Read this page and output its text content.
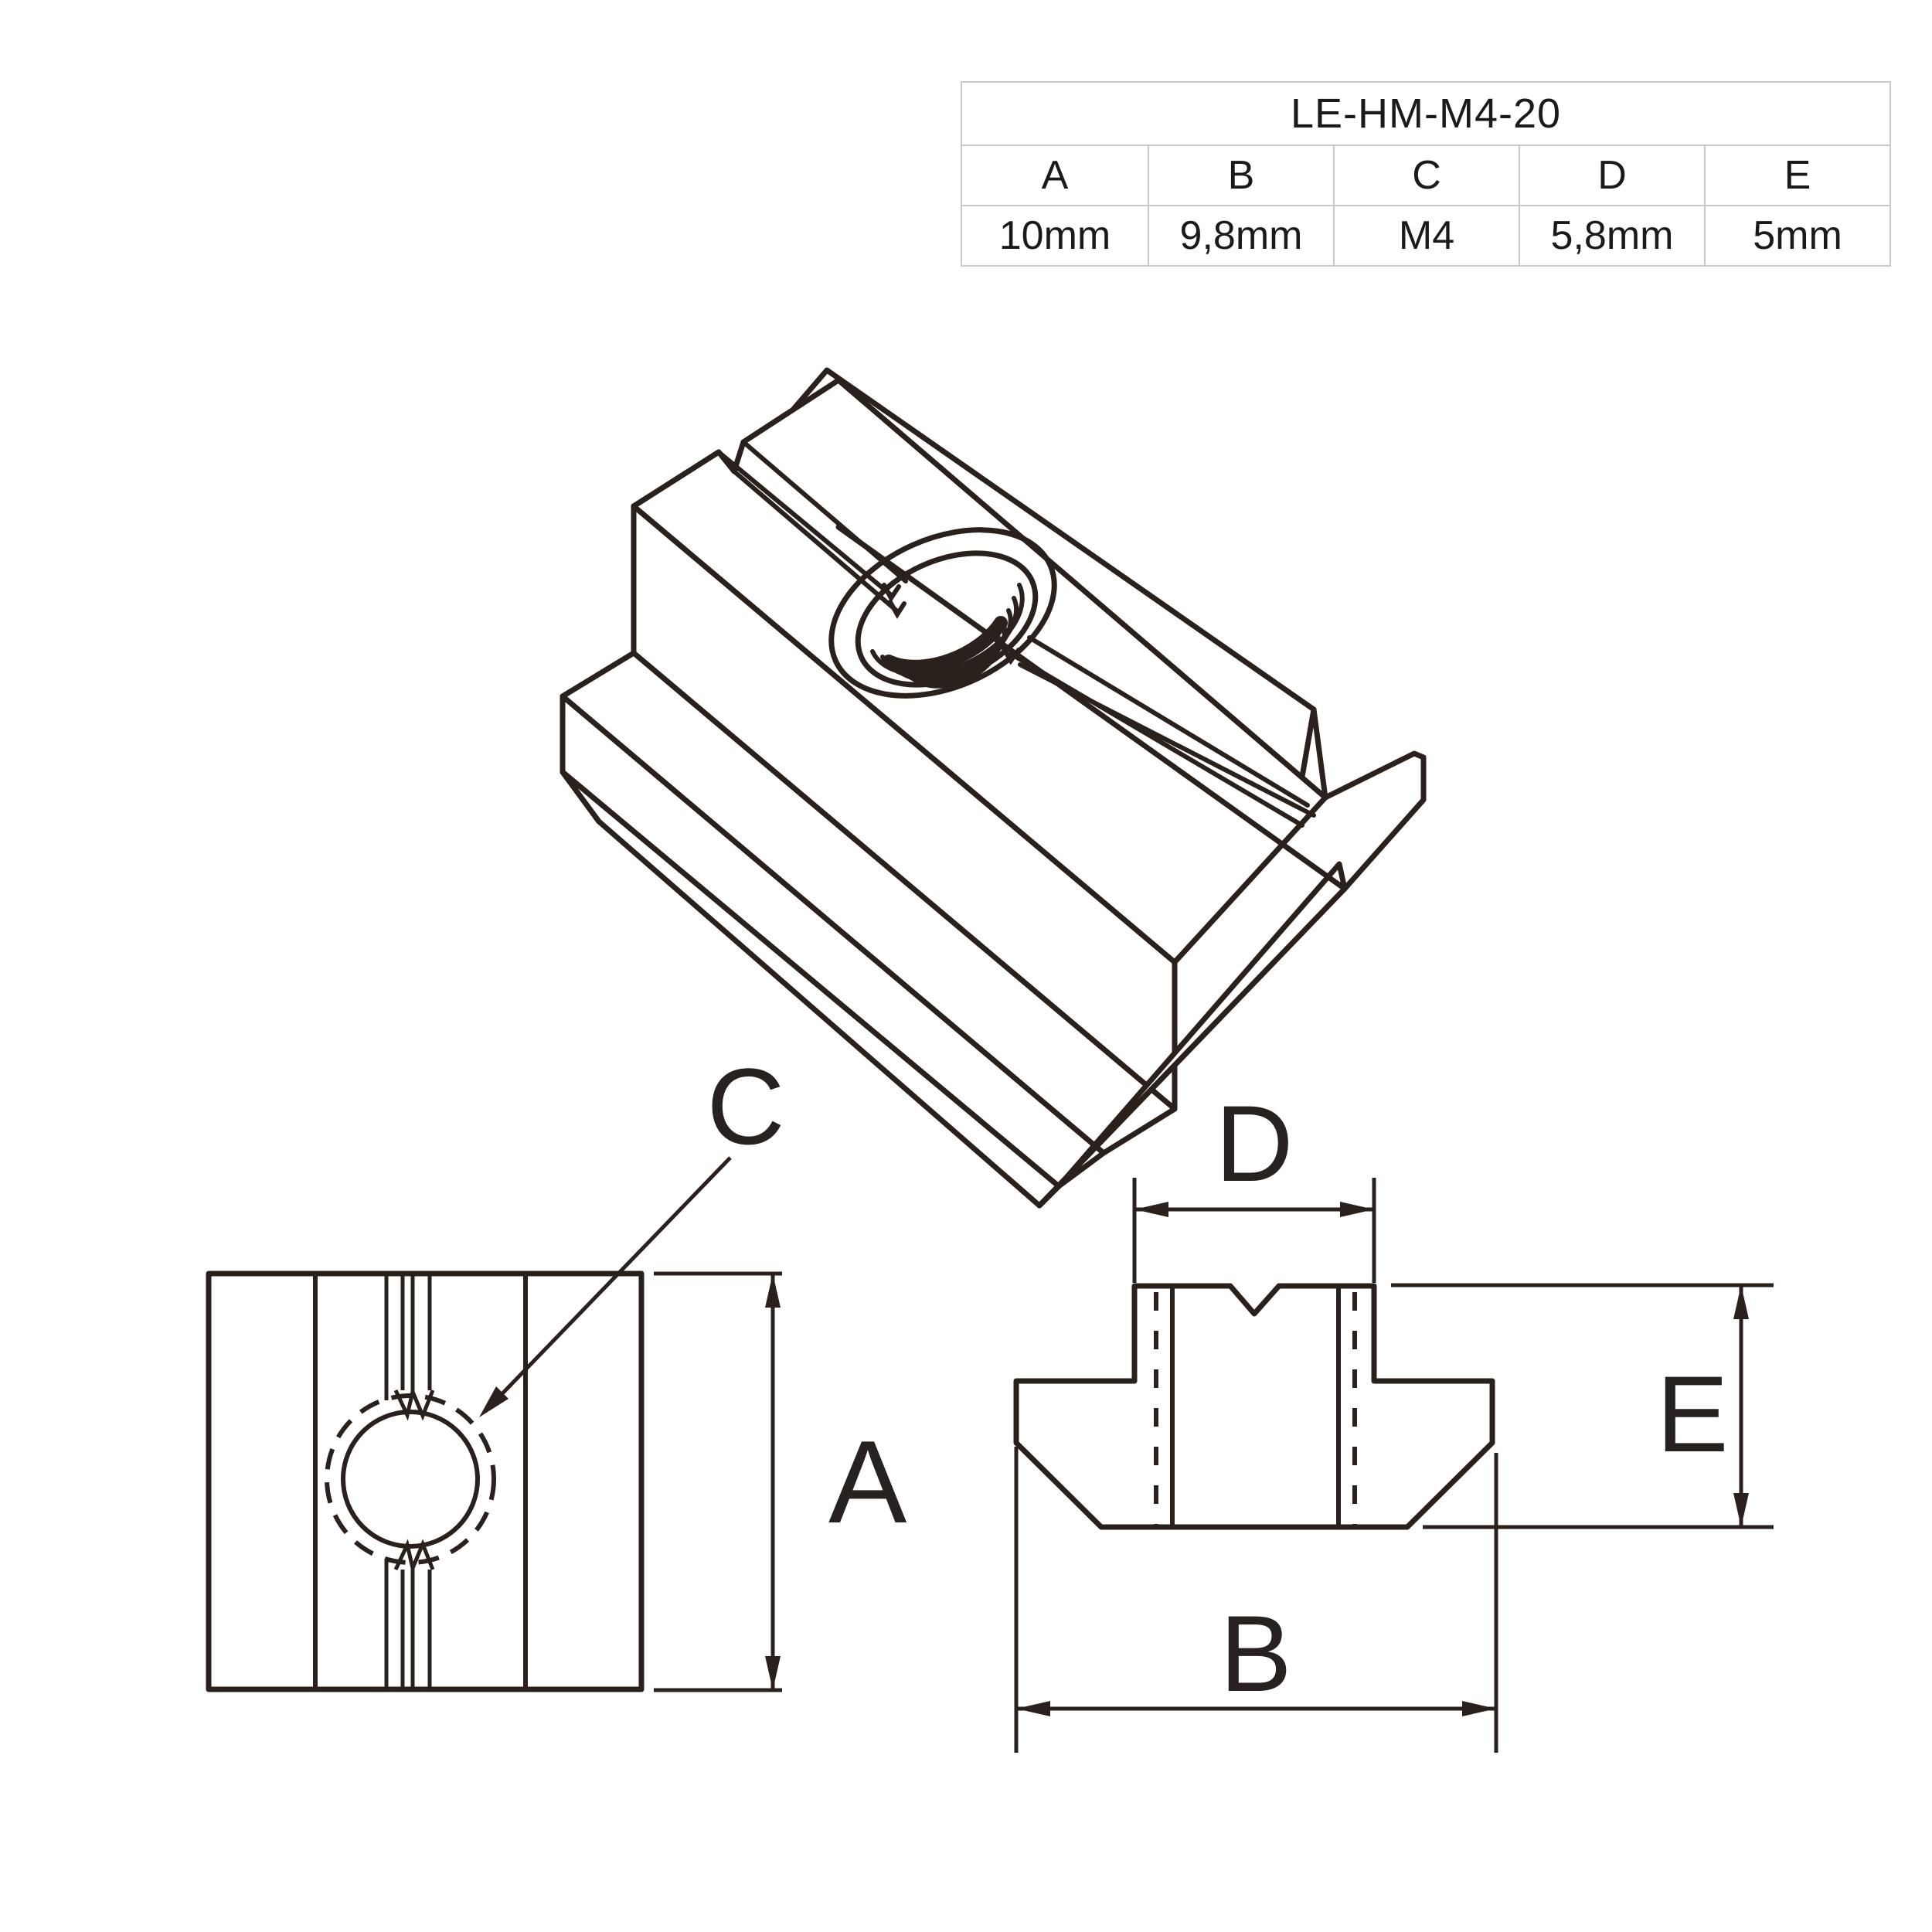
LE-HM-M4-20
A	B	C	D	E
10mm	9,8mm	M4	5,8mm	5mm
C
A
D
E
B
